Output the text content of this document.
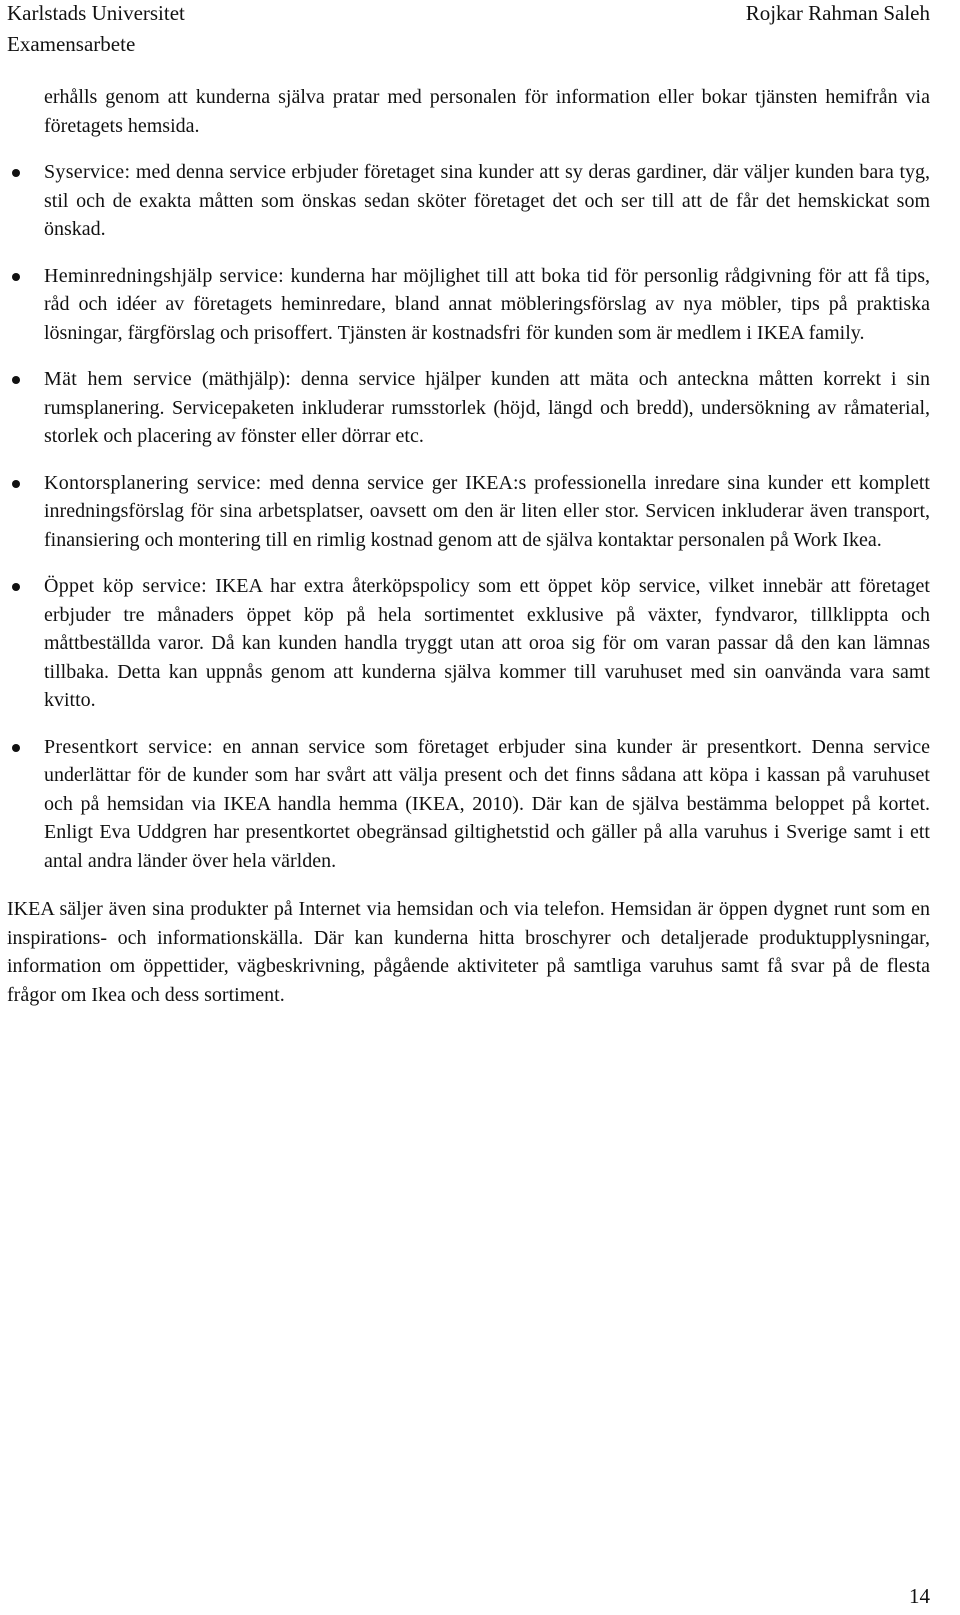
Karlstads Universitet
Examensarbete
Rojkar Rahman Saleh

erhålls genom att kunderna själva pratar med personalen för information eller bokar tjänsten hemifrån via företagets hemsida.

Syservice: med denna service erbjuder företaget sina kunder att sy deras gardiner, där väljer kunden bara tyg, stil och de exakta måtten som önskas sedan sköter företaget det och ser till att de får det hemskickat som önskad.
Heminredningshjälp service: kunderna har möjlighet till att boka tid för personlig rådgivning för att få tips, råd och idéer av företagets heminredare, bland annat möbleringsförslag av nya möbler, tips på praktiska lösningar, färgförslag och prisoffert. Tjänsten är kostnadsfri för kunden som är medlem i IKEA family.
Mät hem service (mäthjälp): denna service hjälper kunden att mäta och anteckna måtten korrekt i sin rumsplanering. Servicepaketen inkluderar rumsstorlek (höjd, längd och bredd), undersökning av råmaterial, storlek och placering av fönster eller dörrar etc.
Kontorsplanering service: med denna service ger IKEA:s professionella inredare sina kunder ett komplett inredningsförslag för sina arbetsplatser, oavsett om den är liten eller stor. Servicen inkluderar även transport, finansiering och montering till en rimlig kostnad genom att de själva kontaktar personalen på Work Ikea.
Öppet köp service: IKEA har extra återköpspolicy som ett öppet köp service, vilket innebär att företaget erbjuder tre månaders öppet köp på hela sortimentet exklusive på växter, fyndvaror, tillklippta och måttbeställda varor. Då kan kunden handla tryggt utan att oroa sig för om varan passar då den kan lämnas tillbaka. Detta kan uppnås genom att kunderna själva kommer till varuhuset med sin oanvända vara samt kvitto.
Presentkort service: en annan service som företaget erbjuder sina kunder är presentkort. Denna service underlättar för de kunder som har svårt att välja present och det finns sådana att köpa i kassan på varuhuset och på hemsidan via IKEA handla hemma (IKEA, 2010). Där kan de själva bestämma beloppet på kortet. Enligt Eva Uddgren har presentkortet obegränsad giltighetstid och gäller på alla varuhus i Sverige samt i ett antal andra länder över hela världen.

IKEA säljer även sina produkter på Internet via hemsidan och via telefon. Hemsidan är öppen dygnet runt som en inspirations- och informationskälla. Där kan kunderna hitta broschyrer och detaljerade produktupplysningar, information om öppettider, vägbeskrivning, pågående aktiviteter på samtliga varuhus samt få svar på de flesta frågor om Ikea och dess sortiment.

14
